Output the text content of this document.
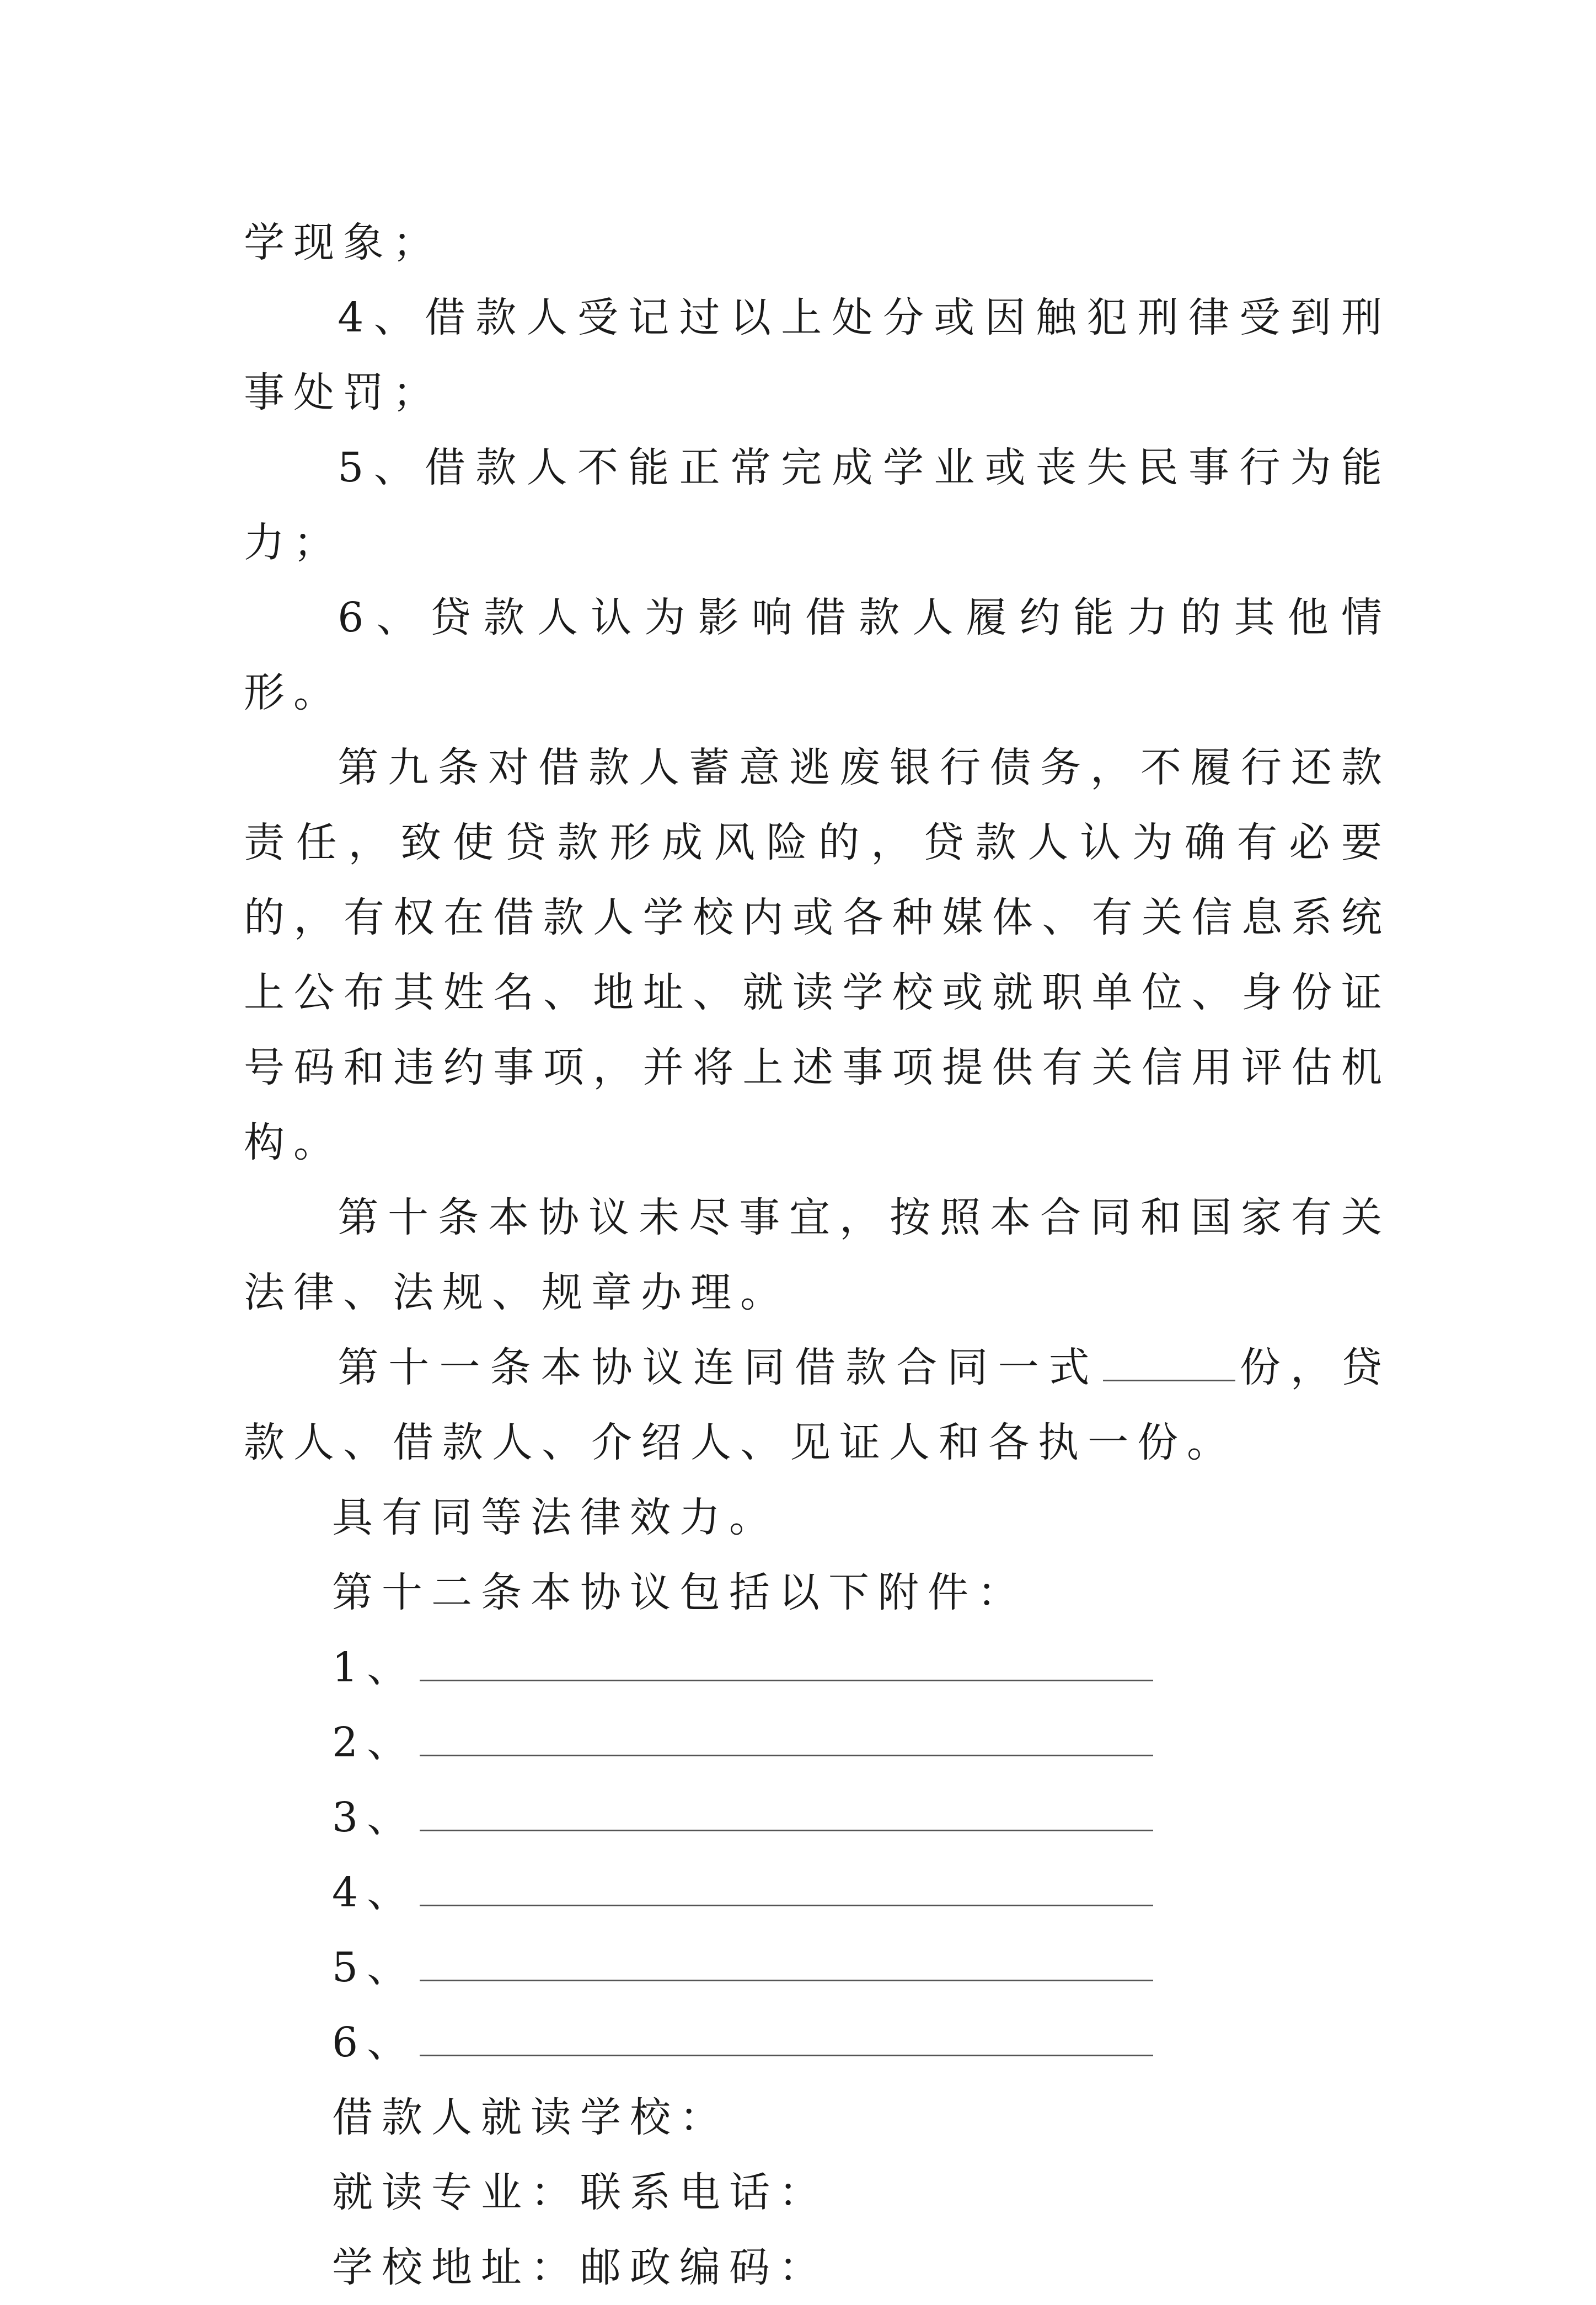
学现象；

4、借款人受记过以上处分或因触犯刑律受到刑事处罚；

5、借款人不能正常完成学业或丧失民事行为能力；

6、贷款人认为影响借款人履约能力的其他情形。

第九条对借款人蓄意逃废银行债务，不履行还款责任，致使贷款形成风险的，贷款人认为确有必要的，有权在借款人学校内或各种媒体、有关信息系统上公布其姓名、地址、就读学校或就职单位、身份证号码和违约事项，并将上述事项提供有关信用评估机构。

第十条本协议未尽事宜，按照本合同和国家有关法律、法规、规章办理。

第十一条本协议连同借款合同一式	份，贷款人、借款人、介绍人、见证人和各执一份。

具有同等法律效力。

第十二条本协议包括以下附件：

1、
2、
3、
4、
5、
6、

借款人就读学校：

就读专业：联系电话：

学校地址：邮政编码：
